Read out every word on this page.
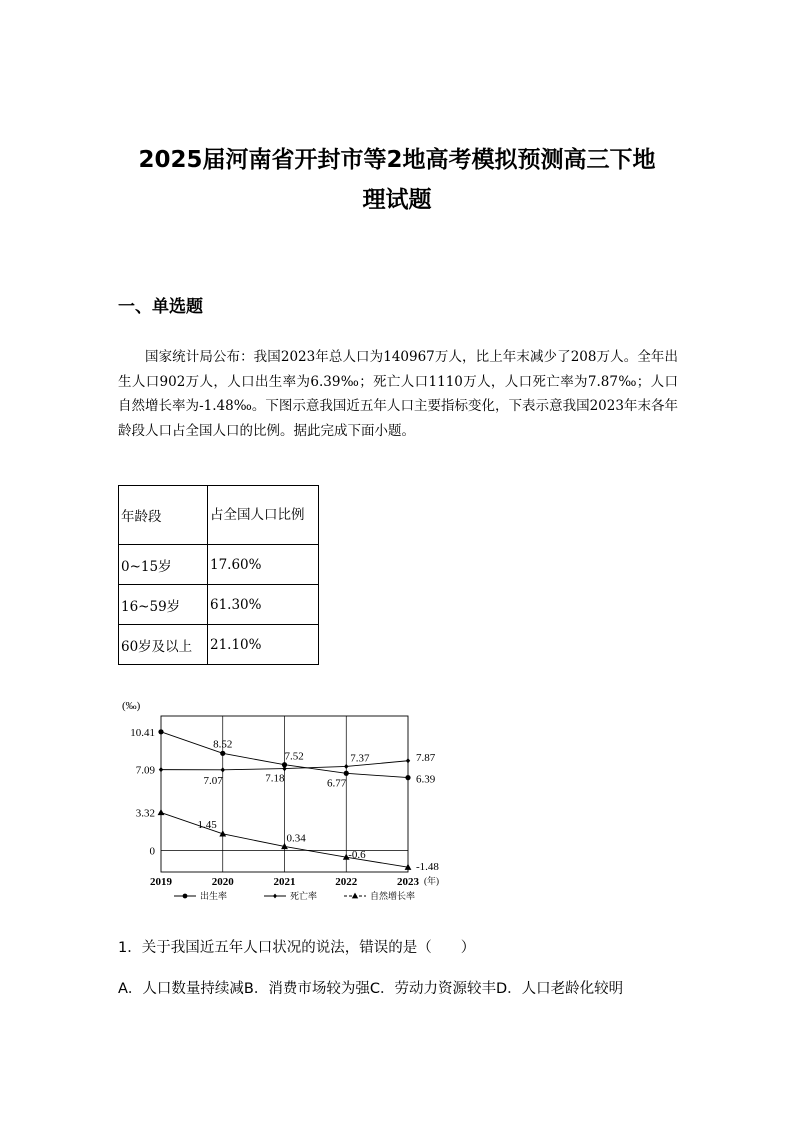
2025届河南省开封市等2地高考模拟预测高三下地
理试题
一、单选题
国家统计局公布：我国2023年总人口为140967万人，比上年末减少了208万人。全年出生人口902万人，人口出生率为6.39‰；死亡人口1110万人，人口死亡率为7.87‰；人口自然增长率为-1.48‰。下图示意我国近五年人口主要指标变化，下表示意我国2023年末各年龄段人口占全国人口的比例。据此完成下面小题。
年龄段	占全国人口比例
0~15岁	17.60%
16~59岁	61.30%
60岁及以上	21.10%
(‰)
10.41
7.09
3.32
0
2019	2020	2021	2022	2023 (年)
8.52
7.07
7.52
7.18
7.37
6.77
7.87
6.39
1.45
0.34
-0.6
-1.48
出生率	死亡率	自然增长率
1．关于我国近五年人口状况的说法，错误的是（　　）
A．人口数量持续减B．消费市场较为强C．劳动力资源较丰D．人口老龄化较明
